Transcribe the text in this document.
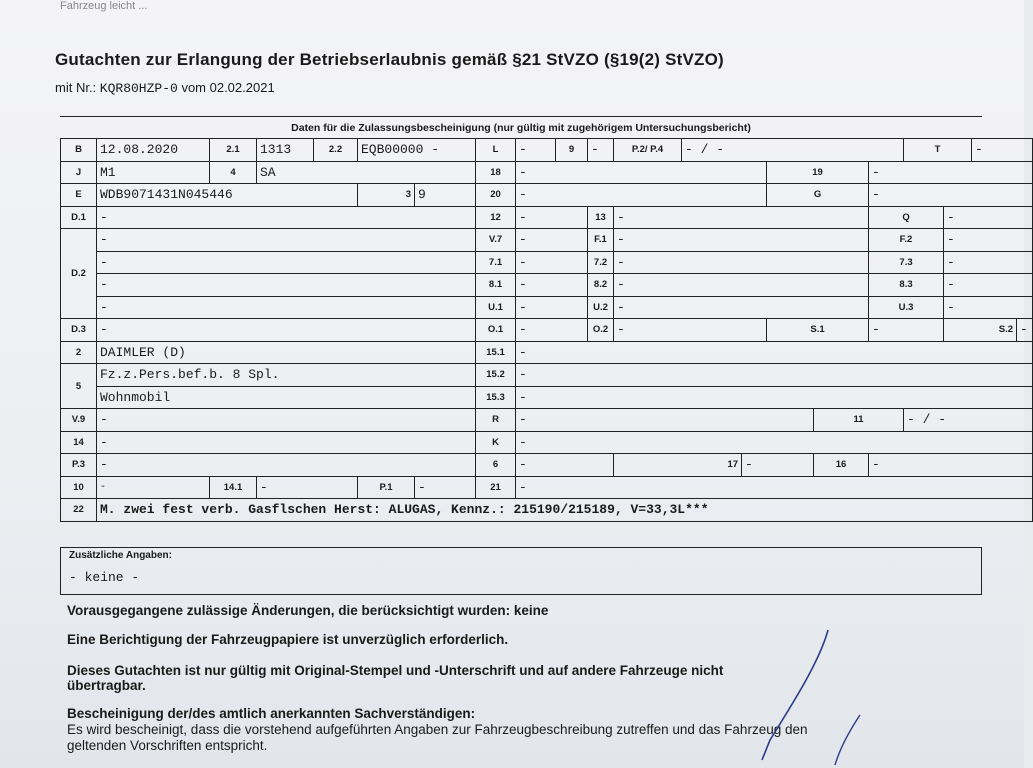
Fahrzeug leicht ...
Gutachten zur Erlangung der Betriebserlaubnis gemäß §21 StVZO (§19(2) StVZO)
mit Nr.: KQR80HZP-0 vom 02.02.2021
Daten für die Zulassungsbescheinigung (nur gültig mit zugehörigem Untersuchungsbericht)
B	12.08.2020	2.1	1313	2.2	EQB00000 -		L	-	9	-	P.2/ P.4	- / -					T		-	
J	M1	4	SA				18	-						19		-				
E	WDB9071431N045446				3	9	20	-						G		-				
D.1	-						12	-		13	-					Q		-		
D.2	-						V.7	-		F.1	-					F.2		-		
	-						7.1	-		7.2	-					7.3		-		
	-						8.1	-		8.2	-					8.3		-		
	-						U.1	-		U.2	-					U.3		-		
D.3	-						O.1	-		O.2	-			S.1		-		S.2		-
2	DAIMLER (D)						15.1	-												
5	Fz.z.Pers.bef.b. 8 Spl.						15.2	-												
	Wohnmobil						15.3	-												
V.9	-						R	-							11		- / -			
14	-						K	-												
P.3	-						6	-			17		-		16	-				
10	-	14.1	-		P.1	-	21	-												
22	M. zwei fest verb. Gasflschen Herst: ALUGAS, Kennz.: 215190/215189, V=33,3L***																			
Zusätzliche Angaben:
- keine -
Vorausgegangene zulässige Änderungen, die berücksichtigt wurden: keine
Eine Berichtigung der Fahrzeugpapiere ist unverzüglich erforderlich.
Dieses Gutachten ist nur gültig mit Original-Stempel und -Unterschrift und auf andere Fahrzeuge nicht
übertragbar.
Bescheinigung der/des amtlich anerkannten Sachverständigen:
Es wird bescheinigt, dass die vorstehend aufgeführten Angaben zur Fahrzeugbeschreibung zutreffen und das Fahrzeug den
geltenden Vorschriften entspricht.
